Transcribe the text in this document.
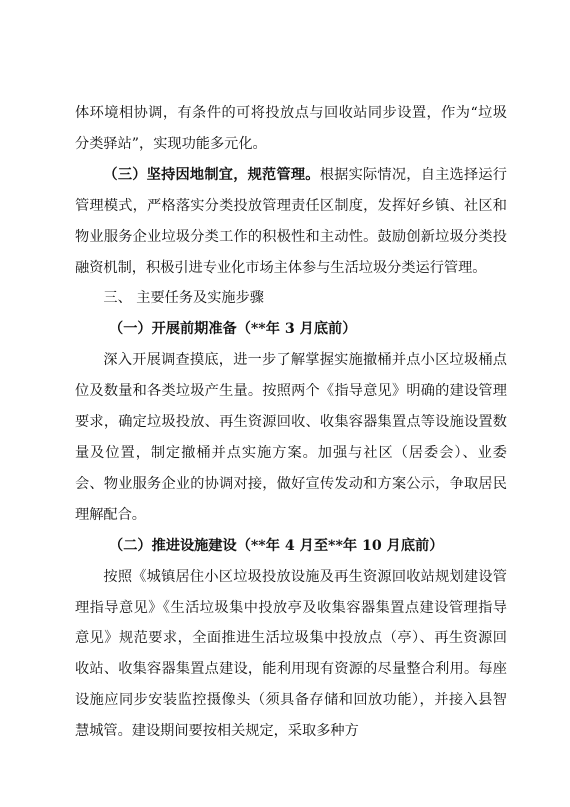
体环境相协调，有条件的可将投放点与回收站同步设置，作为“垃圾分类驿站”，实现功能多元化。

（三）坚持因地制宜，规范管理。根据实际情况，自主选择运行管理模式，严格落实分类投放管理责任区制度，发挥好乡镇、社区和物业服务企业垃圾分类工作的积极性和主动性。鼓励创新垃圾分类投融资机制，积极引进专业化市场主体参与生活垃圾分类运行管理。

三、 主要任务及实施步骤

（一）开展前期准备（**年 3 月底前）

深入开展调查摸底，进一步了解掌握实施撤桶并点小区垃圾桶点位及数量和各类垃圾产生量。按照两个《指导意见》明确的建设管理要求，确定垃圾投放、再生资源回收、收集容器集置点等设施设置数量及位置，制定撤桶并点实施方案。加强与社区（居委会）、业委会、物业服务企业的协调对接，做好宣传发动和方案公示，争取居民理解配合。

（二）推进设施建设（**年 4 月至**年 10 月底前）

按照《城镇居住小区垃圾投放设施及再生资源回收站规划建设管理指导意见》《生活垃圾集中投放亭及收集容器集置点建设管理指导意见》规范要求，全面推进生活垃圾集中投放点（亭）、再生资源回收站、收集容器集置点建设，能利用现有资源的尽量整合利用。每座设施应同步安装监控摄像头（须具备存储和回放功能），并接入县智慧城管。建设期间要按相关规定，采取多种方
